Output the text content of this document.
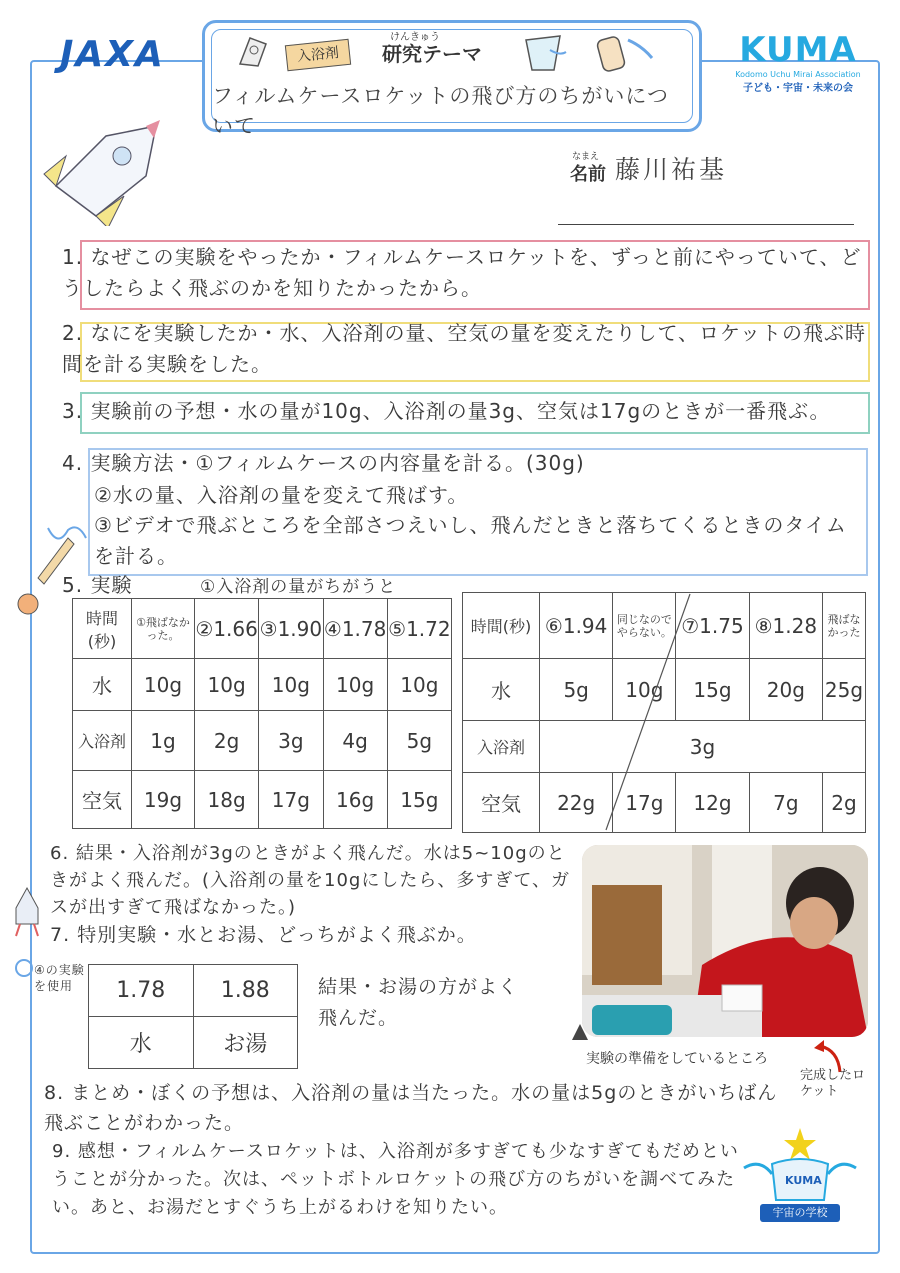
JAXA	KUMA
Kodomo Uchu Mirai Association
子ども・宇宙・未来の会
入浴剤
けんきゅう
研究テーマ
フィルムケースロケットの飛び方のちがいについて
なまえ
名前 藤川祐基
1. なぜこの実験をやったか・フィルムケースロケットを、ずっと前にやっていて、どうしたらよく飛ぶのかを知りたかったから。
2. なにを実験したか・水、入浴剤の量、空気の量を変えたりして、ロケットの飛ぶ時間を計る実験をした。
3. 実験前の予想・水の量が10g、入浴剤の量3g、空気は17gのときが一番飛ぶ。
4. 実験方法・①フィルムケースの内容量を計る。(30g)
②水の量、入浴剤の量を変えて飛ばす。
③ビデオで飛ぶところを全部さつえいし、飛んだときと落ちてくるときのタイムを計る。
5. 実験	①入浴剤の量がちがうと
時間(秒)	①飛ばなかった。	②1.66	③1.90	④1.78	⑤1.72
水	10g	10g	10g	10g	10g
入浴剤	1g	2g	3g	4g	5g
空気	19g	18g	17g	16g	15g
時間(秒)	⑥1.94	同じなのでやらない。	⑦1.75	⑧1.28	飛ばなかった
水	5g	10g	15g	20g	25g
入浴剤	3g				
空気	22g	17g	12g	7g	2g
6. 結果・入浴剤が3gのときがよく飛んだ。水は5~10gのときがよく飛んだ。(入浴剤の量を10gにしたら、多すぎて、ガスが出すぎて飛ばなかった。)
7. 特別実験・水とお湯、どっちがよく飛ぶか。
④の実験を使用	1.78	1.88
水	お湯
結果・お湯の方がよく飛んだ。
実験の準備をしているところ
完成したロケット
8. まとめ・ぼくの予想は、入浴剤の量は当たった。水の量は5gのときがいちばん飛ぶことがわかった。
9. 感想・フィルムケースロケットは、入浴剤が多すぎても少なすぎてもだめということが分かった。次は、ペットボトルロケットの飛び方のちがいを調べてみたい。あと、お湯だとすぐうち上がるわけを知りたい。
KUMA
宇宙の学校
